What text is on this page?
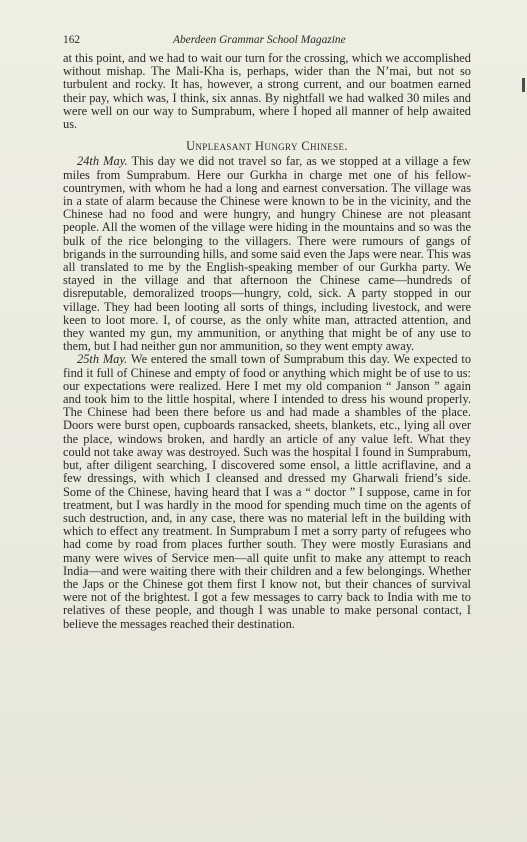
162	Aberdeen Grammar School Magazine

at this point, and we had to wait our turn for the crossing, which we accomplished without mishap. The Mali-Kha is, perhaps, wider than the N’mai, but not so turbulent and rocky. It has, however, a strong current, and our boatmen earned their pay, which was, I think, six annas. By nightfall we had walked 30 miles and were well on our way to Sumprabum, where I hoped all manner of help awaited us.

Unpleasant Hungry Chinese.

24th May. This day we did not travel so far, as we stopped at a village a few miles from Sumprabum. Here our Gurkha in charge met one of his fellow-countrymen, with whom he had a long and earnest conversation. The village was in a state of alarm because the Chinese were known to be in the vicinity, and the Chinese had no food and were hungry, and hungry Chinese are not pleasant people. All the women of the village were hiding in the mountains and so was the bulk of the rice belonging to the villagers. There were rumours of gangs of brigands in the surrounding hills, and some said even the Japs were near. This was all translated to me by the English-speaking member of our Gurkha party. We stayed in the village and that afternoon the Chinese came—hundreds of disreputable, demoralized troops—hungry, cold, sick. A party stopped in our village. They had been looting all sorts of things, including livestock, and were keen to loot more. I, of course, as the only white man, attracted attention, and they wanted my gun, my ammunition, or anything that might be of any use to them, but I had neither gun nor ammunition, so they went empty away.

25th May. We entered the small town of Sumprabum this day. We expected to find it full of Chinese and empty of food or anything which might be of use to us: our expectations were realized. Here I met my old companion “ Janson ” again and took him to the little hospital, where I intended to dress his wound properly. The Chinese had been there before us and had made a shambles of the place. Doors were burst open, cupboards ransacked, sheets, blankets, etc., lying all over the place, windows broken, and hardly an article of any value left. What they could not take away was destroyed. Such was the hospital I found in Sumprabum, but, after diligent searching, I discovered some ensol, a little acriflavine, and a few dressings, with which I cleansed and dressed my Gharwali friend’s side. Some of the Chinese, having heard that I was a “ doctor ” I suppose, came in for treatment, but I was hardly in the mood for spending much time on the agents of such destruction, and, in any case, there was no material left in the building with which to effect any treatment. In Sumprabum I met a sorry party of refugees who had come by road from places further south. They were mostly Eurasians and many were wives of Service men—all quite unfit to make any attempt to reach India—and were waiting there with their children and a few belongings. Whether the Japs or the Chinese got them first I know not, but their chances of survival were not of the brightest. I got a few messages to carry back to India with me to relatives of these people, and though I was unable to make personal contact, I believe the messages reached their destination.
